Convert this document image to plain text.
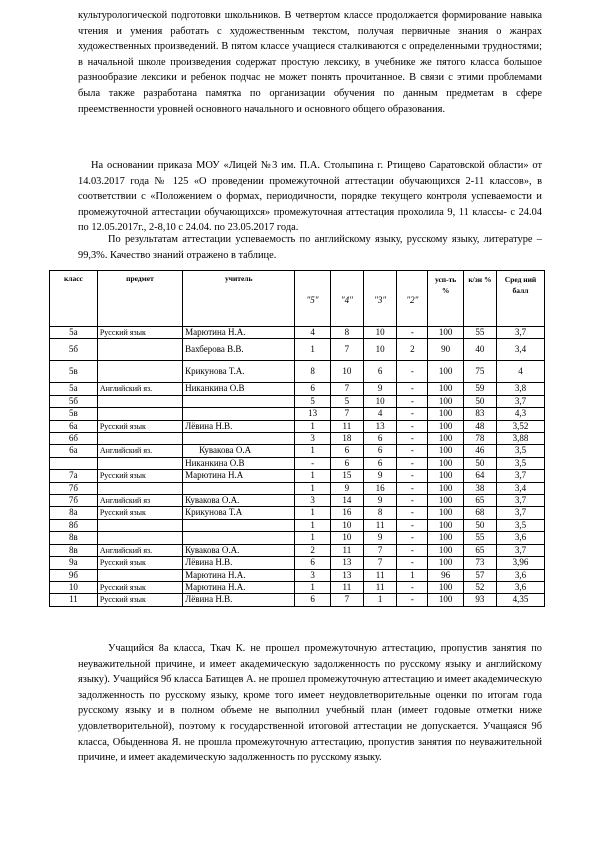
культурологической подготовки школьников. В четвертом классе продолжается формирование навыка чтения и умения работать с художественным текстом, получая первичные знания о жанрах художественных произведений. В пятом классе учащиеся сталкиваются с определенными трудностями; в начальной школе произведения содержат простую лексику, в учебнике же пятого класса большое разнообразие лексики и ребенок подчас не может понять прочитанное. В связи с этими проблемами была также разработана памятка по организации обучения по данным предметам в сфере преемственности уровней основного начального и основного общего образования.

На основании приказа МОУ «Лицей №3 им. П.А. Столыпина г. Ртищево Саратовской области» от 14.03.2017 года № 125 «О проведении промежуточной аттестации обучающихся 2-11 классов», в соответствии с «Положением о формах, периодичности, порядке текущего контроля успеваемости и промежуточной аттестации обучающихся» промежуточная аттестация прохолила 9, 11 классы- с 24.04 по 12.05.2017г., 2-8,10 с 24.04. по 23.05.2017 года.

По результатам аттестации успеваемость по английскому языку, русскому языку, литературе – 99,3%. Качество знаний отражено в таблице.

класс	предмет	учитель	"5"	"4"	"3"	"2"	усп-ть %	к/зн %	Сред ний балл
5а	Русский язык	Марютина Н.А.	4	8	10	-	100	55	3,7
5б		Вахберова В.В.	1	7	10	2	90	40	3,4
5в		Крикунова Т.А.	8	10	6	-	100	75	4
5а	Английский яз.	Никанкина О.В	6	7	9	-	100	59	3,8
5б			5	5	10	-	100	50	3,7
5в			13	7	4	-	100	83	4,3
6а	Русский язык	Лёвина Н.В.	1	11	13	-	100	48	3,52
6б			3	18	6	-	100	78	3,88
6а	Английский яз.	Кувакова О.А	1	6	6	-	100	46	3,5
		Никанкина О.В	-	6	6	-	100	50	3,5
7а	Русский язык	Марютина Н.А	1	15	9	-	100	64	3,7
7б			1	9	16	-	100	38	3,4
7б	Английский яз	Кувакова О.А.	3	14	9	-	100	65	3,7
8а	Русский язык	Крикунова Т.А	1	16	8	-	100	68	3,7
8б			1	10	11	-	100	50	3,5
8в			1	10	9	-	100	55	3,6
8в	Английский яз.	Кувакова О.А.	2	11	7	-	100	65	3,7
9а	Русский язык	Лёвина Н.В.	6	13	7	-	100	73	3,96
9б		Марютина Н.А.	3	13	11	1	96	57	3,6
10	Русский язык	Марютина Н.А.	1	11	11	-	100	52	3,6
11	Русский язык	Лёвина Н.В.	6	7	1	-	100	93	4,35

Учащийся 8а класса, Ткач К. не прошел промежуточную аттестацию, пропустив занятия по неуважительной причине, и имеет академическую задолженность по русскому языку и английскому языку). Учащийся 9б класса Батищев А. не прошел промежуточную аттестацию и имеет академическую задолженность по русскому языку, кроме того имеет неудовлетворительные оценки по итогам года русскому языку и в полном объеме не выполнил учебный план (имеет годовые отметки ниже удовлетворительной), поэтому к государственной итоговой аттестации не допускается. Учащаяся 9б класса, Обыденнова Я. не прошла промежуточную аттестацию, пропустив занятия по неуважительной причине, и имеет академическую задолженность по русскому языку.
